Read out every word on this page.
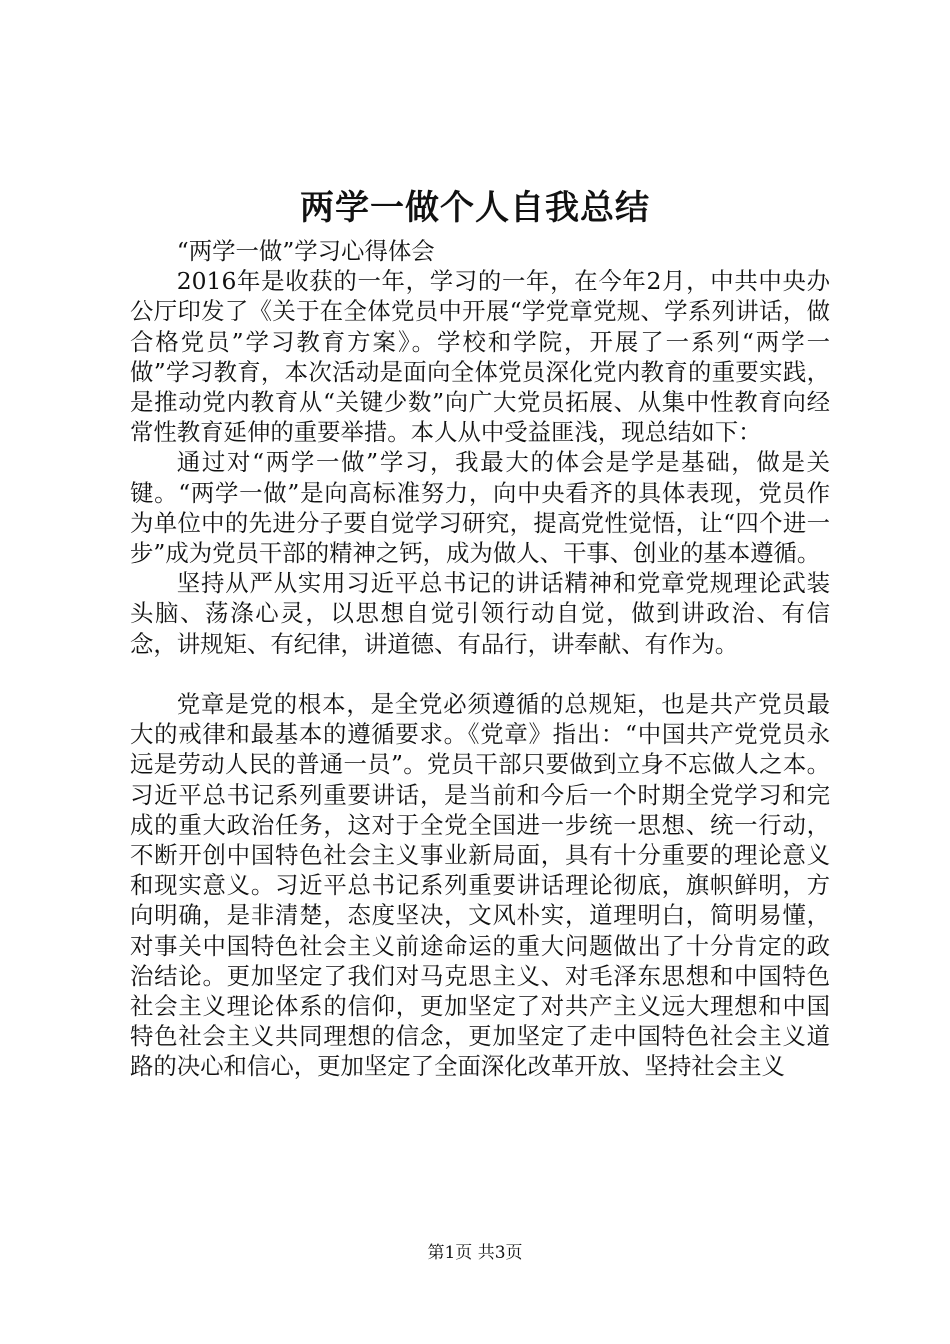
两学一做个人自我总结

“两学一做”学习心得体会

2016年是收获的一年，学习的一年，在今年2月，中共中央办公厅印发了《关于在全体党员中开展“学党章党规、学系列讲话，做合格党员”学习教育方案》。学校和学院，开展了一系列“两学一做”学习教育，本次活动是面向全体党员深化党内教育的重要实践，是推动党内教育从“关键少数”向广大党员拓展、从集中性教育向经常性教育延伸的重要举措。本人从中受益匪浅，现总结如下：

通过对“两学一做”学习，我最大的体会是学是基础，做是关键。“两学一做”是向高标准努力，向中央看齐的具体表现，党员作为单位中的先进分子要自觉学习研究，提高党性觉悟，让“四个进一步”成为党员干部的精神之钙，成为做人、干事、创业的基本遵循。

坚持从严从实用习近平总书记的讲话精神和党章党规理论武装头脑、荡涤心灵，以思想自觉引领行动自觉，做到讲政治、有信念，讲规矩、有纪律，讲道德、有品行，讲奉献、有作为。

党章是党的根本，是全党必须遵循的总规矩，也是共产党员最大的戒律和最基本的遵循要求。《党章》指出：“中国共产党党员永远是劳动人民的普通一员”。党员干部只要做到立身不忘做人之本。习近平总书记系列重要讲话，是当前和今后一个时期全党学习和完成的重大政治任务，这对于全党全国进一步统一思想、统一行动，不断开创中国特色社会主义事业新局面，具有十分重要的理论意义和现实意义。习近平总书记系列重要讲话理论彻底，旗帜鲜明，方向明确，是非清楚，态度坚决，文风朴实，道理明白，简明易懂，对事关中国特色社会主义前途命运的重大问题做出了十分肯定的政治结论。更加坚定了我们对马克思主义、对毛泽东思想和中国特色社会主义理论体系的信仰，更加坚定了对共产主义远大理想和中国特色社会主义共同理想的信念，更加坚定了走中国特色社会主义道路的决心和信心，更加坚定了全面深化改革开放、坚持社会主义

第1页 共3页
